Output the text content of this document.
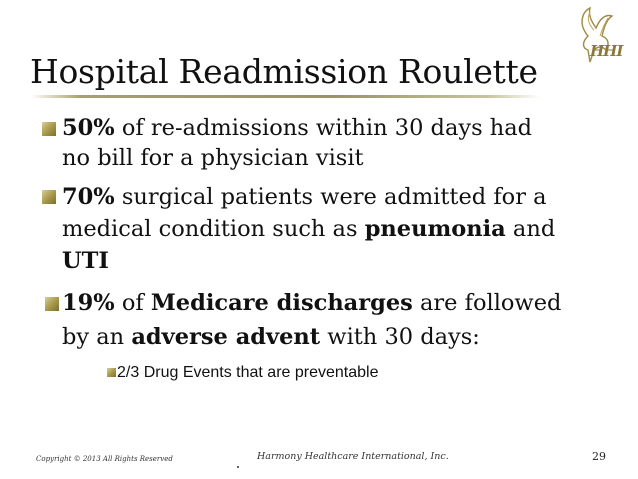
HHI
Hospital Readmission Roulette
50% of re-admissions within 30 days had
no bill for a physician visit
70% surgical patients were admitted for a
medical condition such as pneumonia and
UTI
19% of Medicare discharges are followed
by an adverse advent with 30 days:
2/3 Drug Events that are preventable
Copyright © 2013 All Rights Reserved	Harmony Healthcare International, Inc.	29
